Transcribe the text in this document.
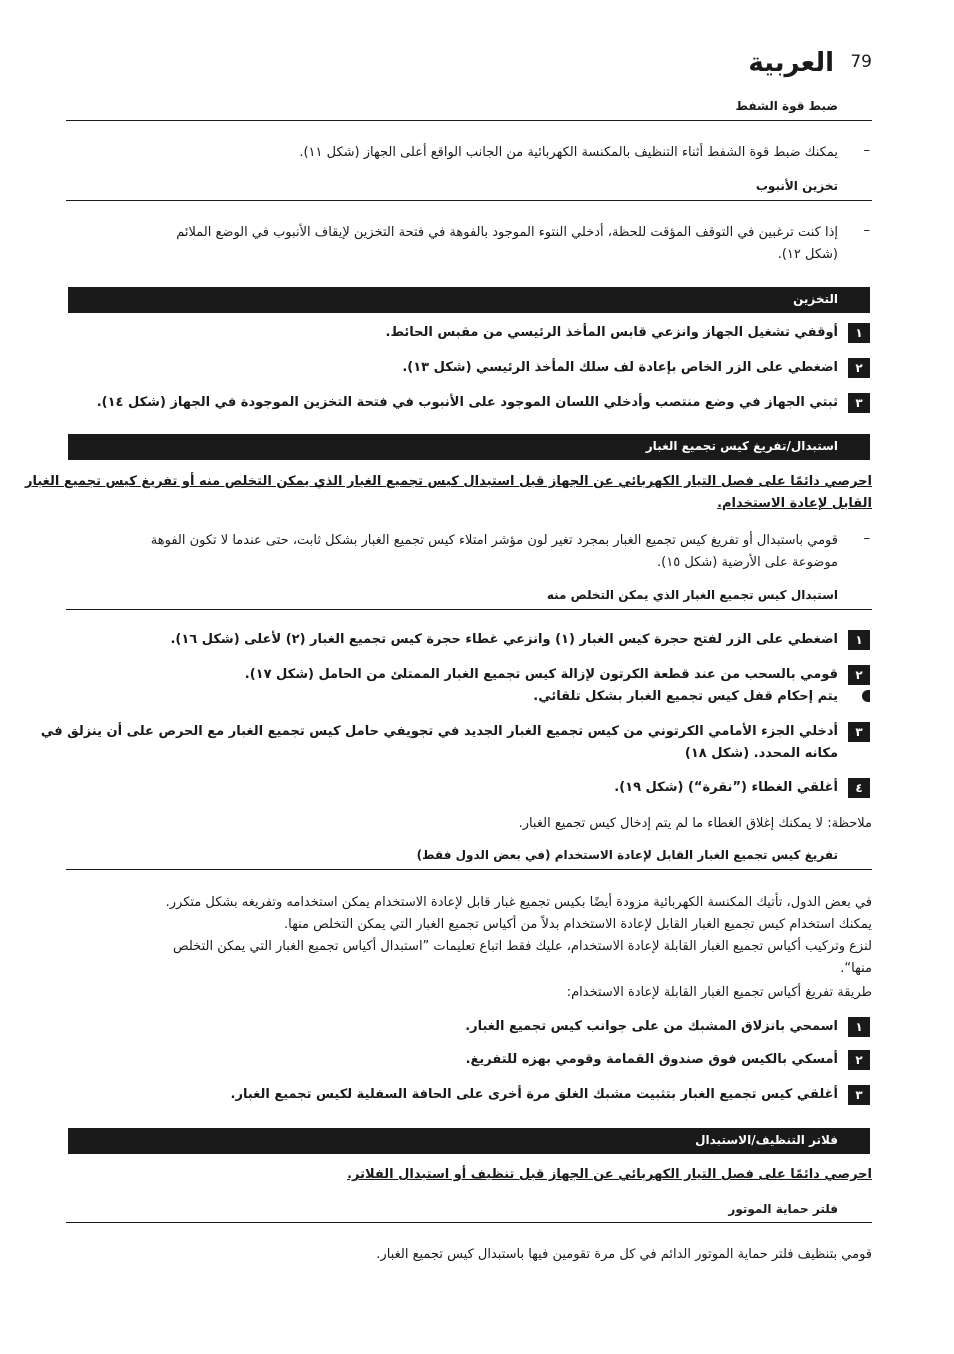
العربية 79
ضبط قوة الشفط
–
يمكنك ضبط قوة الشفط أثناء التنظيف بالمكنسة الكهربائية من الجانب الواقع أعلى الجهاز (شكل ١١).
تخزين الأنبوب
–
إذا كنت ترغبين في التوقف المؤقت للحظة، أدخلي النتوء الموجود بالفوهة في فتحة التخزين لإيقاف الأنبوب في الوضع الملائم
(شكل ١٢).
التخزين
١
أوقفي تشغيل الجهاز وانزعي قابس المأخذ الرئيسي من مقبس الحائط.
٢
اضغطي على الزر الخاص بإعادة لف سلك المأخذ الرئيسي (شكل ١٣).
٣
ثبتي الجهاز في وضع منتصب وأدخلي اللسان الموجود على الأنبوب في فتحة التخزين الموجودة في الجهاز (شكل ١٤).
استبدال/تفريغ كيس تجميع الغبار
احرصي دائمًا على فصل التيار الكهربائي عن الجهاز قبل استبدال كيس تجميع الغبار الذي يمكن التخلص منه أو تفريغ كيس تجميع الغبار
القابل لإعادة الاستخدام.
–
قومي باستبدال أو تفريغ كيس تجميع الغبار بمجرد تغير لون مؤشر امتلاء كيس تجميع الغبار بشكل ثابت، حتى عندما لا تكون الفوهة
موضوعة على الأرضية (شكل ١٥).
استبدال كيس تجميع الغبار الذي يمكن التخلص منه
١
اضغطي على الزر لفتح حجرة كيس الغبار (١) وانزعي غطاء حجرة كيس تجميع الغبار (٢) لأعلى (شكل ١٦).
٢
قومي بالسحب من عند قطعة الكرتون لإزالة كيس تجميع الغبار الممتلئ من الحامل (شكل ١٧).
يتم إحكام قفل كيس تجميع الغبار بشكل تلقائي.
٣
أدخلي الجزء الأمامي الكرتوني من كيس تجميع الغبار الجديد في تجويفي حامل كيس تجميع الغبار مع الحرص على أن ينزلق في
مكانه المحدد. (شكل ١٨)
٤
أغلقي الغطاء (”نقرة“) (شكل ١٩).
ملاحظة: لا يمكنك إغلاق الغطاء ما لم يتم إدخال كيس تجميع الغبار.
تفريغ كيس تجميع الغبار القابل لإعادة الاستخدام (في بعض الدول فقط)
في بعض الدول، تأتيك المكنسة الكهربائية مزودة أيضًا بكيس تجميع غبار قابل لإعادة الاستخدام يمكن استخدامه وتفريغه بشكل متكرر.
يمكنك استخدام كيس تجميع الغبار القابل لإعادة الاستخدام بدلاً من أكياس تجميع الغبار التي يمكن التخلص منها.
لنزع وتركيب أكياس تجميع الغبار القابلة لإعادة الاستخدام، عليك فقط اتباع تعليمات ”استبدال أكياس تجميع الغبار التي يمكن التخلص
منها“.
طريقة تفريغ أكياس تجميع الغبار القابلة لإعادة الاستخدام:
١
اسمحي بانزلاق المشبك من على جوانب كيس تجميع الغبار.
٢
أمسكي بالكيس فوق صندوق القمامة وقومي بهزه للتفريغ.
٣
أغلقي كيس تجميع الغبار بتثبيت مشبك الغلق مرة أخرى على الحافة السفلية لكيس تجميع الغبار.
فلاتر التنظيف/الاستبدال
احرصي دائمًا على فصل التيار الكهربائي عن الجهاز قبل تنظيف أو استبدال الفلاتر.
فلتر حماية الموتور
قومي بتنظيف فلتر حماية الموتور الدائم في كل مرة تقومين فيها باستبدال كيس تجميع الغبار.
